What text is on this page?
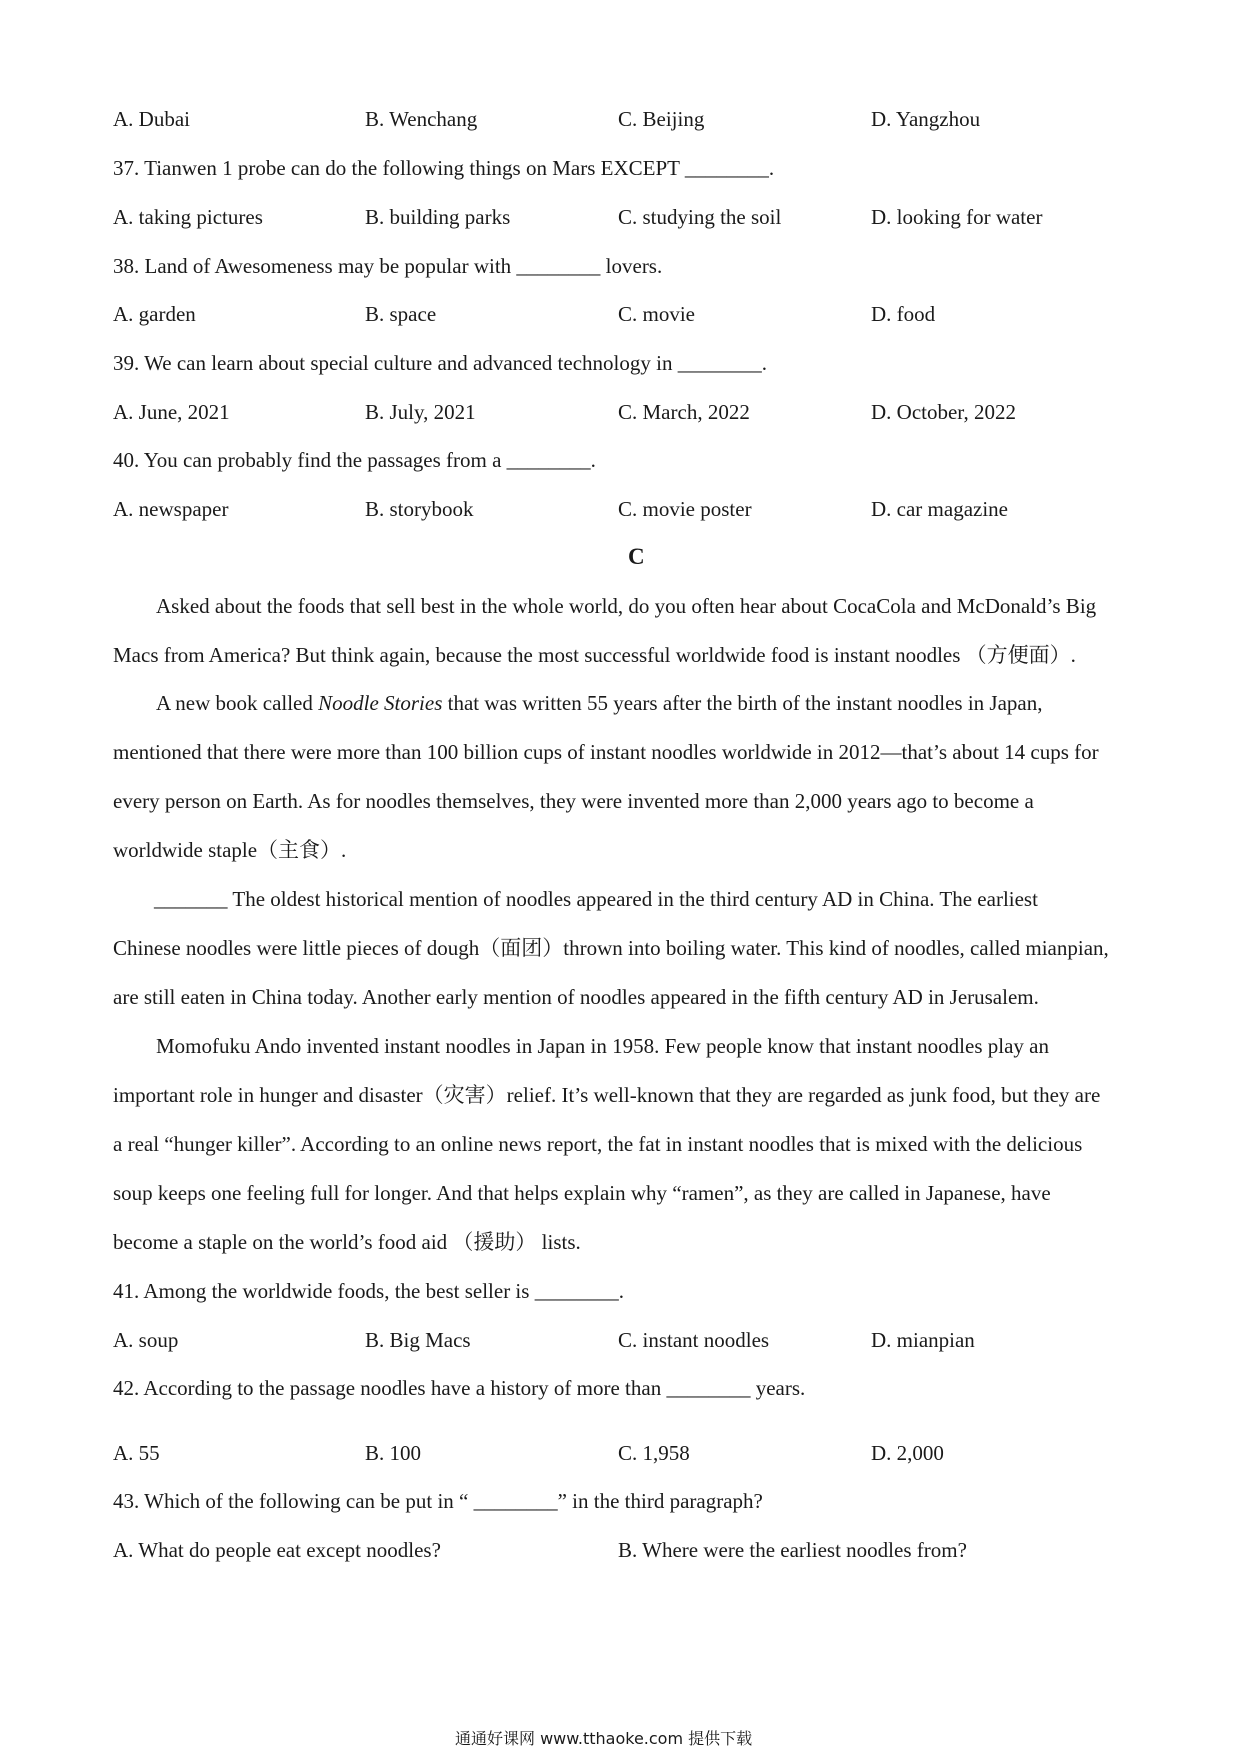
A. Dubai	B. Wenchang	C. Beijing	D. Yangzhou
37. Tianwen 1 probe can do the following things on Mars EXCEPT ________.
A. taking pictures	B. building parks	C. studying the soil	D. looking for water
38. Land of Awesomeness may be popular with ________ lovers.
A. garden	B. space	C. movie	D. food
39. We can learn about special culture and advanced technology in ________.
A. June, 2021	B. July, 2021	C. March, 2022	D. October, 2022
40. You can probably find the passages from a ________.
A. newspaper	B. storybook	C. movie poster	D. car magazine
C
Asked about the foods that sell best in the whole world, do you often hear about CocaCola and McDonald’s Big
Macs from America? But think again, because the most successful worldwide food is instant noodles （方便面）.
A new book called Noodle Stories that was written 55 years after the birth of the instant noodles in Japan,
mentioned that there were more than 100 billion cups of instant noodles worldwide in 2012—that’s about 14 cups for
every person on Earth. As for noodles themselves, they were invented more than 2,000 years ago to become a
worldwide staple（主食）.
_______ The oldest historical mention of noodles appeared in the third century AD in China. The earliest
Chinese noodles were little pieces of dough（面团）thrown into boiling water. This kind of noodles, called mianpian,
are still eaten in China today. Another early mention of noodles appeared in the fifth century AD in Jerusalem.
Momofuku Ando invented instant noodles in Japan in 1958. Few people know that instant noodles play an
important role in hunger and disaster（灾害）relief. It’s well-known that they are regarded as junk food, but they are
a real “hunger killer”. According to an online news report, the fat in instant noodles that is mixed with the delicious
soup keeps one feeling full for longer. And that helps explain why “ramen”, as they are called in Japanese, have
become a staple on the world’s food aid （援助） lists.
41. Among the worldwide foods, the best seller is ________.
A. soup	B. Big Macs	C. instant noodles	D. mianpian
42. According to the passage noodles have a history of more than ________ years.
A. 55	B. 100	C. 1,958	D. 2,000
43. Which of the following can be put in “ ________” in the third paragraph?
A. What do people eat except noodles?	B. Where were the earliest noodles from?
通通好课网 www.tthaoke.com 提供下载
